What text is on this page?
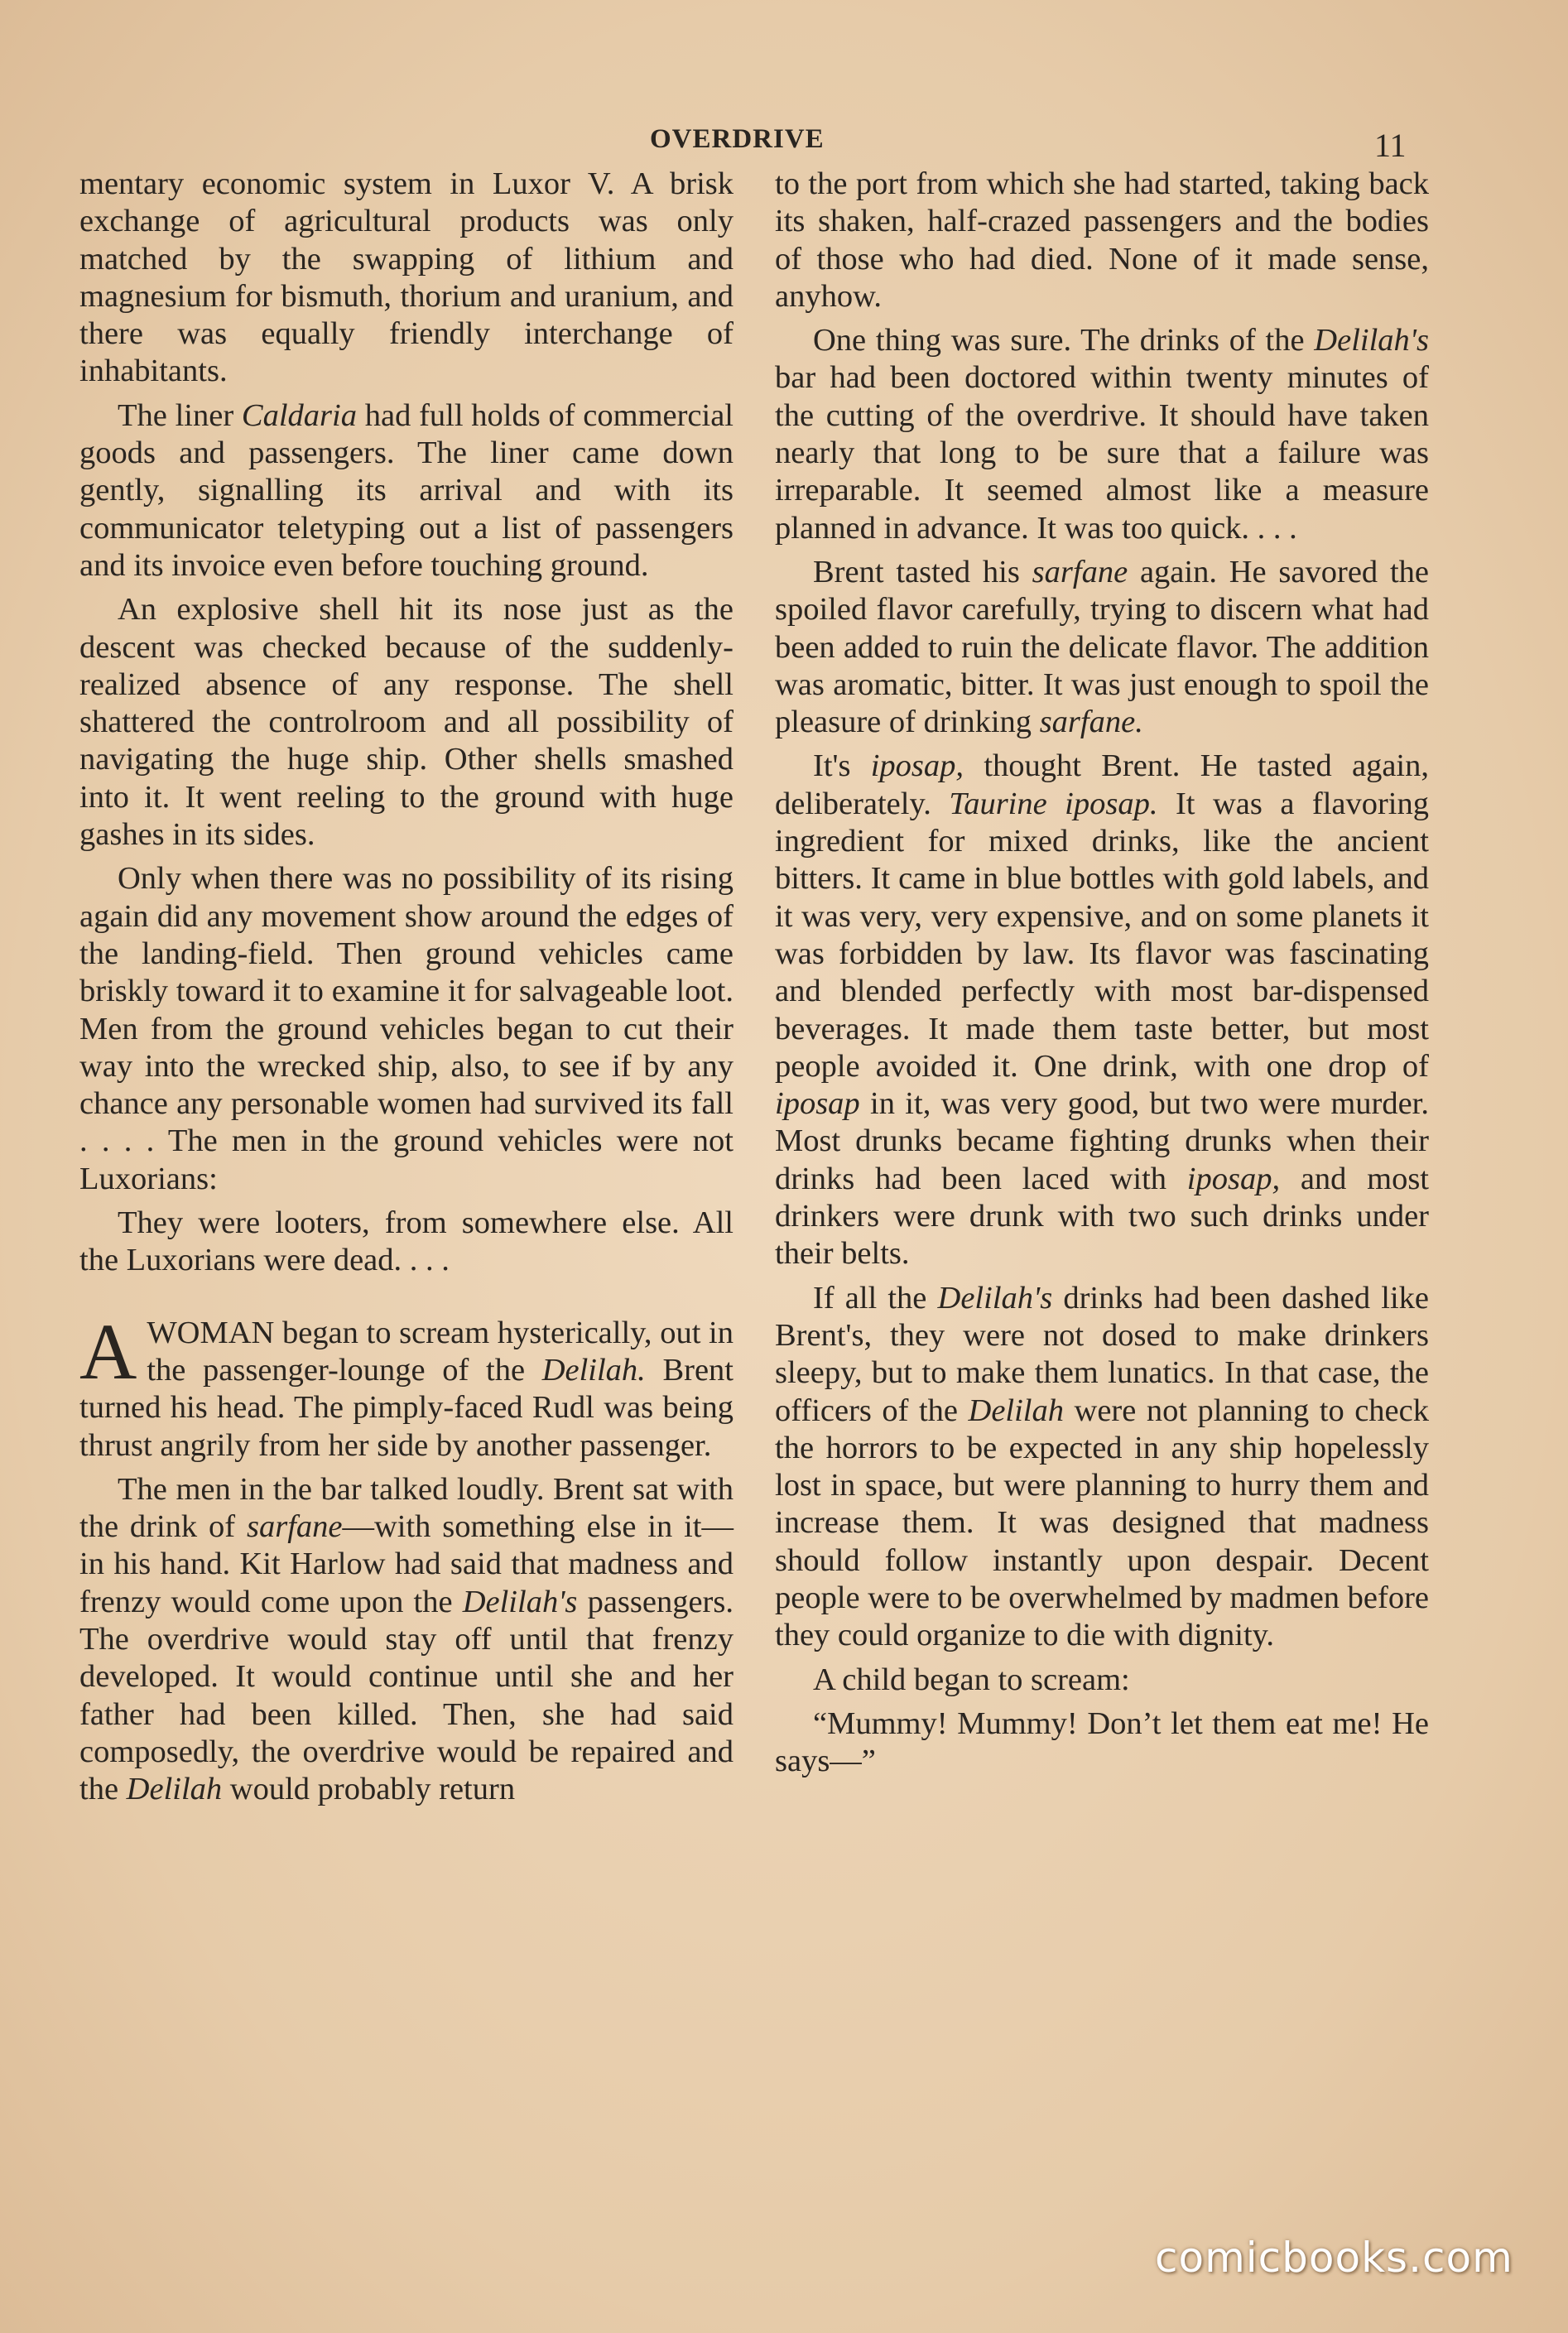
OVERDRIVE	11

mentary economic system in Luxor V. A brisk exchange of agricultural products was only matched by the swapping of lithium and magnesium for bismuth, thorium and uranium, and there was equally friendly interchange of inhabitants.

The liner Caldaria had full holds of commercial goods and passengers. The liner came down gently, signalling its arrival and with its communicator teletyping out a list of passengers and its invoice even before touching ground.

An explosive shell hit its nose just as the descent was checked because of the suddenly-realized absence of any response. The shell shattered the controlroom and all possibility of navigating the huge ship. Other shells smashed into it. It went reeling to the ground with huge gashes in its sides.

Only when there was no possibility of its rising again did any movement show around the edges of the landing-field. Then ground vehicles came briskly toward it to examine it for salvageable loot. Men from the ground vehicles began to cut their way into the wrecked ship, also, to see if by any chance any personable women had survived its fall . . . . The men in the ground vehicles were not Luxorians:

They were looters, from somewhere else. All the Luxorians were dead. . . .

AWOMAN began to scream hysterically, out in the passenger-lounge of the Delilah. Brent turned his head. The pimply-faced Rudl was being thrust angrily from her side by another passenger.

The men in the bar talked loudly. Brent sat with the drink of sarfane—with something else in it—in his hand. Kit Harlow had said that madness and frenzy would come upon the Delilah's passengers. The overdrive would stay off until that frenzy developed. It would continue until she and her father had been killed. Then, she had said composedly, the overdrive would be repaired and the Delilah would probably return

to the port from which she had started, taking back its shaken, half-crazed passengers and the bodies of those who had died. None of it made sense, anyhow.

One thing was sure. The drinks of the Delilah's bar had been doctored within twenty minutes of the cutting of the overdrive. It should have taken nearly that long to be sure that a failure was irreparable. It seemed almost like a measure planned in advance. It was too quick. . . .

Brent tasted his sarfane again. He savored the spoiled flavor carefully, trying to discern what had been added to ruin the delicate flavor. The addition was aromatic, bitter. It was just enough to spoil the pleasure of drinking sarfane.

It's iposap, thought Brent. He tasted again, deliberately. Taurine iposap. It was a flavoring ingredient for mixed drinks, like the ancient bitters. It came in blue bottles with gold labels, and it was very, very expensive, and on some planets it was forbidden by law. Its flavor was fascinating and blended perfectly with most bar-dispensed beverages. It made them taste better, but most people avoided it. One drink, with one drop of iposap in it, was very good, but two were murder. Most drunks became fighting drunks when their drinks had been laced with iposap, and most drinkers were drunk with two such drinks under their belts.

If all the Delilah's drinks had been dashed like Brent's, they were not dosed to make drinkers sleepy, but to make them lunatics. In that case, the officers of the Delilah were not planning to check the horrors to be expected in any ship hopelessly lost in space, but were planning to hurry them and increase them. It was designed that madness should follow instantly upon despair. Decent people were to be overwhelmed by madmen before they could organize to die with dignity.

A child began to scream:

“Mummy! Mummy! Don’t let them eat me! He says—”

comicbooks.com
